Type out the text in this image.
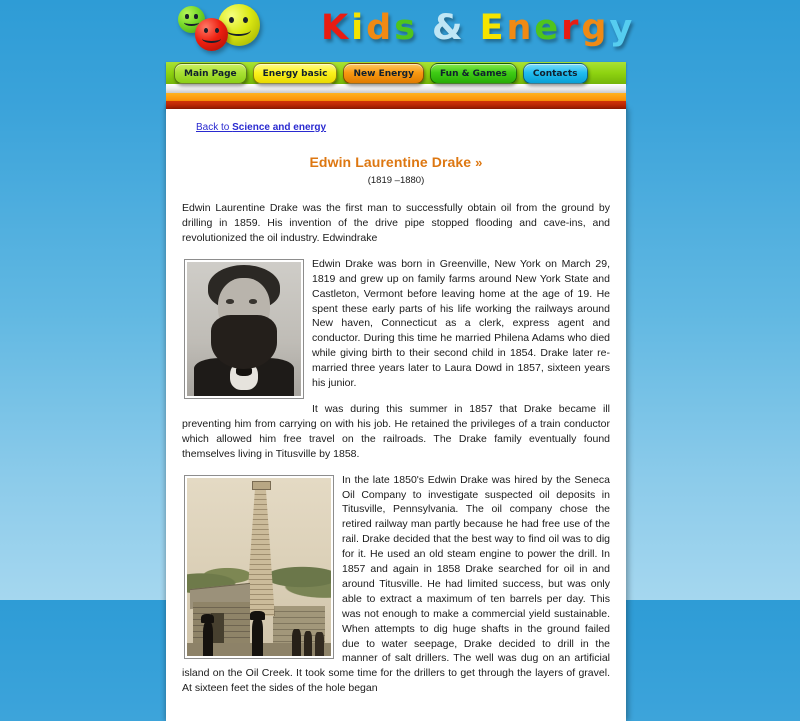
Kids & Energy
Main Page	Energy basic	New Energy	Fun & Games	Contacts
Back to Science and energy
Edwin Laurentine Drake »
(1819 –1880)

Edwin Laurentine Drake was the first man to successfully obtain oil from the ground by drilling in 1859. His invention of the drive pipe stopped flooding and cave-ins, and revolutionized the oil industry. Edwindrake

Edwin Drake was born in Greenville, New York on March 29, 1819 and grew up on family farms around New York State and Castleton, Vermont before leaving home at the age of 19. He spent these early parts of his life working the railways around New haven, Connecticut as a clerk, express agent and conductor. During this time he married Philena Adams who died while giving birth to their second child in 1854. Drake later re-married three years later to Laura Dowd in 1857, sixteen years his junior.

It was during this summer in 1857 that Drake became ill preventing him from carrying on with his job. He retained the privileges of a train conductor which allowed him free travel on the railroads. The Drake family eventually found themselves living in Titusville by 1858.

In the late 1850's Edwin Drake was hired by the Seneca Oil Company to investigate suspected oil deposits in Titusville, Pennsylvania. The oil company chose the retired railway man partly because he had free use of the rail. Drake decided that the best way to find oil was to dig for it. He used an old steam engine to power the drill. In 1857 and again in 1858 Drake searched for oil in and around Titusville. He had limited success, but was only able to extract a maximum of ten barrels per day. This was not enough to make a commercial yield sustainable. When attempts to dig huge shafts in the ground failed due to water seepage, Drake decided to drill in the manner of salt drillers. The well was dug on an artificial island on the Oil Creek. It took some time for the drillers to get through the layers of gravel. At sixteen feet the sides of the hole began
